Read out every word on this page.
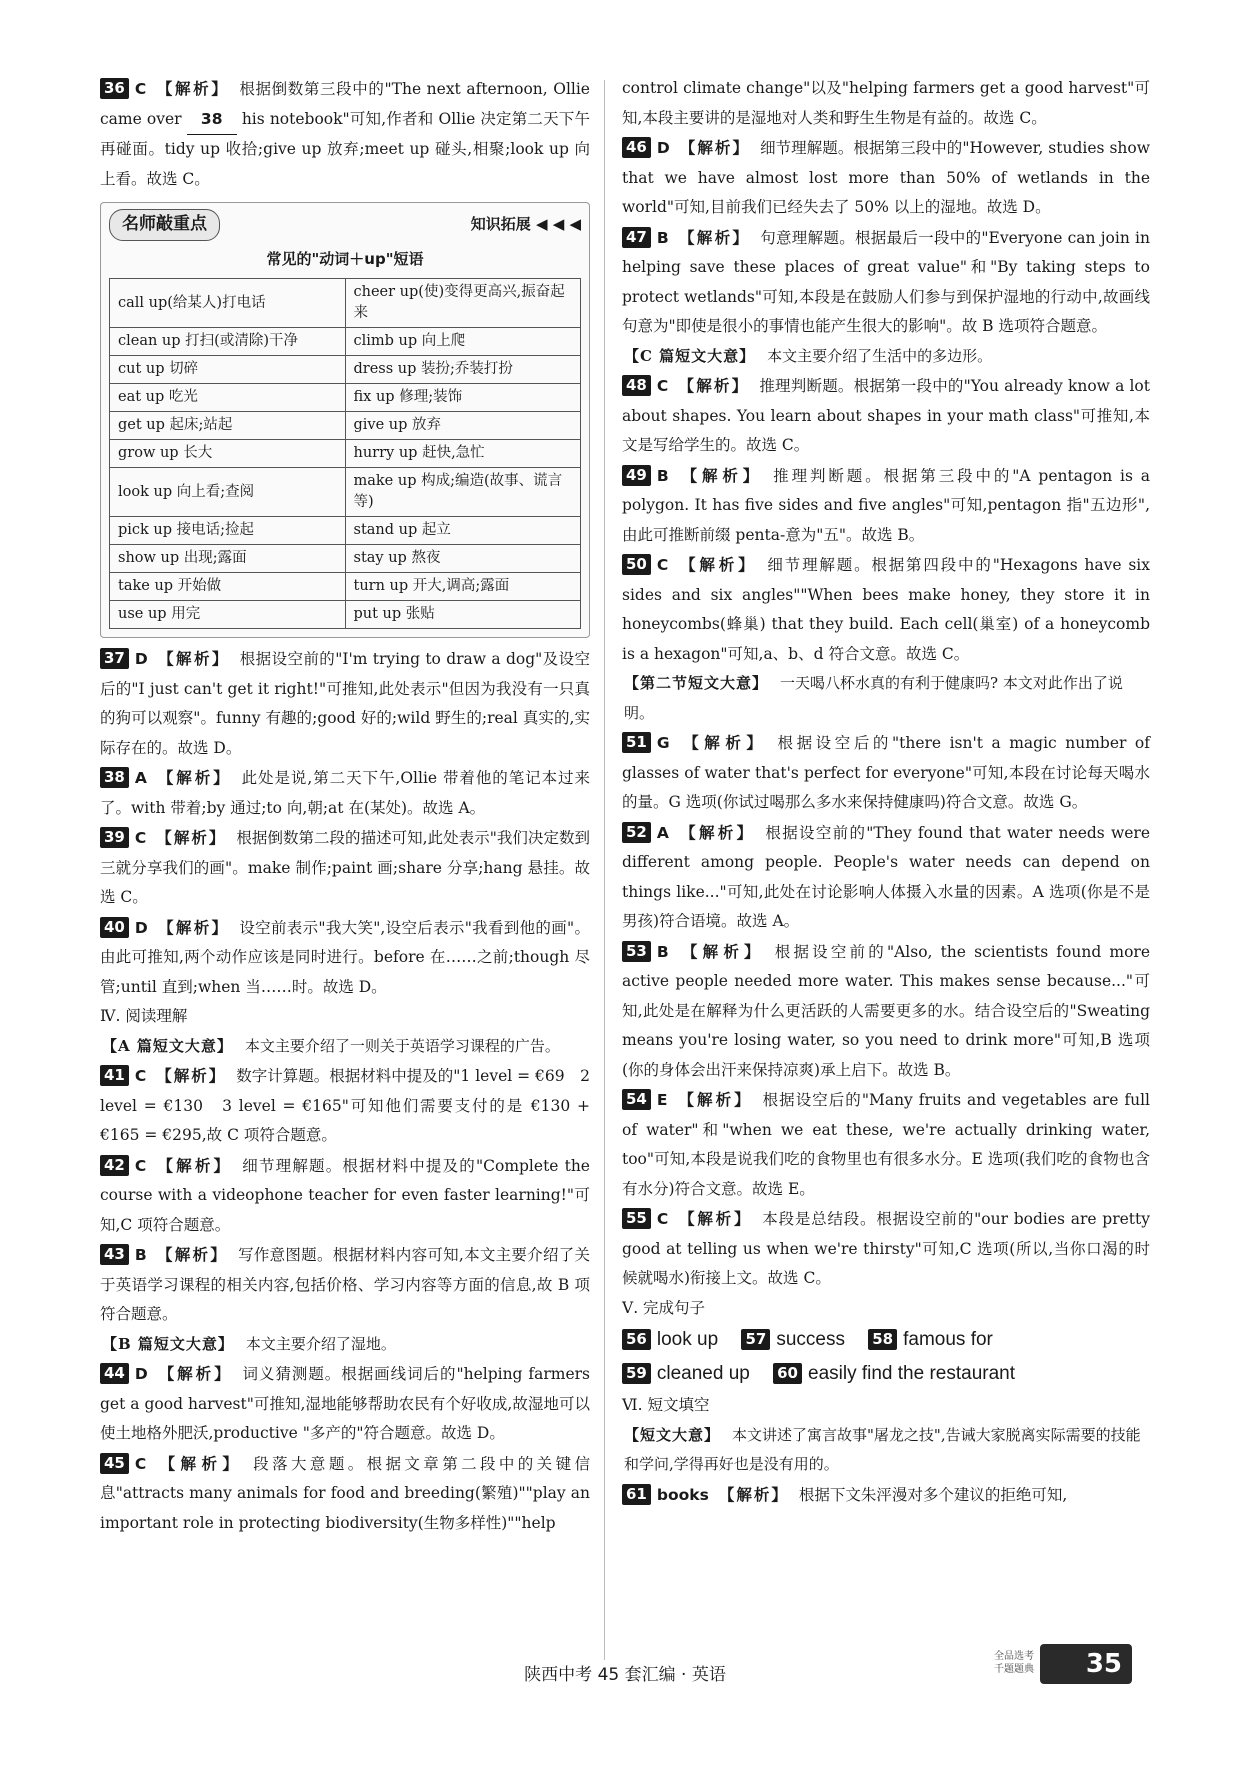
36 C 【解析】 根据倒数第三段中的"The next afternoon, Ollie came over 38 his notebook"可知,作者和 Ollie 决定第二天下午再碰面。tidy up 收拾;give up 放弃;meet up 碰头,相聚;look up 向上看。故选 C。

名师敲重点	知识拓展 ◀ ◀ ◀
常见的"动词＋up"短语
call up(给某人)打电话	cheer up(使)变得更高兴,振奋起来
clean up 打扫(或清除)干净	climb up 向上爬
cut up 切碎	dress up 装扮;乔装打扮
eat up 吃光	fix up 修理;装饰
get up 起床;站起	give up 放弃
grow up 长大	hurry up 赶快,急忙
look up 向上看;查阅	make up 构成;编造(故事、谎言等)
pick up 接电话;捡起	stand up 起立
show up 出现;露面	stay up 熬夜
take up 开始做	turn up 开大,调高;露面
use up 用完	put up 张贴

37 D 【解析】 根据设空前的"I'm trying to draw a dog"及设空后的"I just can't get it right!"可推知,此处表示"但因为我没有一只真的狗可以观察"。funny 有趣的;good 好的;wild 野生的;real 真实的,实际存在的。故选 D。

38 A 【解析】 此处是说,第二天下午,Ollie 带着他的笔记本过来了。with 带着;by 通过;to 向,朝;at 在(某处)。故选 A。

39 C 【解析】 根据倒数第二段的描述可知,此处表示"我们决定数到三就分享我们的画"。make 制作;paint 画;share 分享;hang 悬挂。故选 C。

40 D 【解析】 设空前表示"我大笑",设空后表示"我看到他的画"。由此可推知,两个动作应该是同时进行。before 在……之前;though 尽管;until 直到;when 当……时。故选 D。

Ⅳ. 阅读理解

【A 篇短文大意】 本文主要介绍了一则关于英语学习课程的广告。

41 C 【解析】 数字计算题。根据材料中提及的"1 level = €69　2 level = €130　3 level = €165"可知他们需要支付的是 €130 + €165 = €295,故 C 项符合题意。

42 C 【解析】 细节理解题。根据材料中提及的"Complete the course with a videophone teacher for even faster learning!"可知,C 项符合题意。

43 B 【解析】 写作意图题。根据材料内容可知,本文主要介绍了关于英语学习课程的相关内容,包括价格、学习内容等方面的信息,故 B 项符合题意。

【B 篇短文大意】 本文主要介绍了湿地。

44 D 【解析】 词义猜测题。根据画线词后的"helping farmers get a good harvest"可推知,湿地能够帮助农民有个好收成,故湿地可以使土地格外肥沃,productive "多产的"符合题意。故选 D。

45 C 【解析】 段落大意题。根据文章第二段中的关键信息"attracts many animals for food and breeding(繁殖)""play an important role in protecting biodiversity(生物多样性)""help

control climate change"以及"helping farmers get a good harvest"可知,本段主要讲的是湿地对人类和野生生物是有益的。故选 C。

46 D 【解析】 细节理解题。根据第三段中的"However, studies show that we have almost lost more than 50% of wetlands in the world"可知,目前我们已经失去了 50% 以上的湿地。故选 D。

47 B 【解析】 句意理解题。根据最后一段中的"Everyone can join in helping save these places of great value"和"By taking steps to protect wetlands"可知,本段是在鼓励人们参与到保护湿地的行动中,故画线句意为"即使是很小的事情也能产生很大的影响"。故 B 选项符合题意。

【C 篇短文大意】 本文主要介绍了生活中的多边形。

48 C 【解析】 推理判断题。根据第一段中的"You already know a lot about shapes. You learn about shapes in your math class"可推知,本文是写给学生的。故选 C。

49 B 【解析】 推理判断题。根据第三段中的"A pentagon is a polygon. It has five sides and five angles"可知,pentagon 指"五边形",由此可推断前缀 penta-意为"五"。故选 B。

50 C 【解析】 细节理解题。根据第四段中的"Hexagons have six sides and six angles""When bees make honey, they store it in honeycombs(蜂巢) that they build. Each cell(巢室) of a honeycomb is a hexagon"可知,a、b、d 符合文意。故选 C。

【第二节短文大意】 一天喝八杯水真的有利于健康吗? 本文对此作出了说明。

51 G 【解析】 根据设空后的"there isn't a magic number of glasses of water that's perfect for everyone"可知,本段在讨论每天喝水的量。G 选项(你试过喝那么多水来保持健康吗)符合文意。故选 G。

52 A 【解析】 根据设空前的"They found that water needs were different among people. People's water needs can depend on things like..."可知,此处在讨论影响人体摄入水量的因素。A 选项(你是不是男孩)符合语境。故选 A。

53 B 【解析】 根据设空前的"Also, the scientists found more active people needed more water. This makes sense because..."可知,此处是在解释为什么更活跃的人需要更多的水。结合设空后的"Sweating means you're losing water, so you need to drink more"可知,B 选项(你的身体会出汗来保持凉爽)承上启下。故选 B。

54 E 【解析】 根据设空后的"Many fruits and vegetables are full of water"和"when we eat these, we're actually drinking water, too"可知,本段是说我们吃的食物里也有很多水分。E 选项(我们吃的食物也含有水分)符合文意。故选 E。

55 C 【解析】 本段是总结段。根据设空前的"our bodies are pretty good at telling us when we're thirsty"可知,C 选项(所以,当你口渴的时候就喝水)衔接上文。故选 C。

Ⅴ. 完成句子

56 look up 57 success 58 famous for
59 cleaned up 60 easily find the restaurant

Ⅵ. 短文填空

【短文大意】 本文讲述了寓言故事"屠龙之技",告诫大家脱离实际需要的技能和学问,学得再好也是没有用的。

61 books 【解析】 根据下文朱泙漫对多个建议的拒绝可知,

陕西中考 45 套汇编 · 英语
全品选考 千题题典	35
